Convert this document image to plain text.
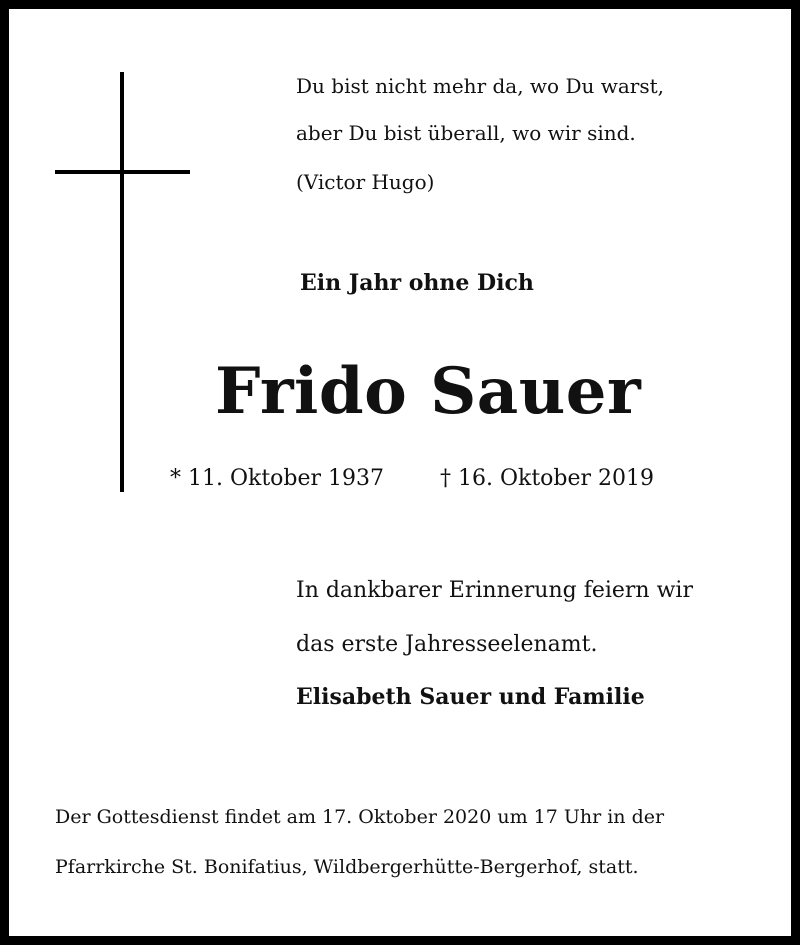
Du bist nicht mehr da, wo Du warst,

aber Du bist überall, wo wir sind.

(Victor Hugo)

Ein Jahr ohne Dich

Frido Sauer

* 11. Oktober 1937	† 16. Oktober 2019

In dankbarer Erinnerung feiern wir

das erste Jahresseelenamt.

Elisabeth Sauer und Familie

Der Gottesdienst findet am 17. Oktober 2020 um 17 Uhr in der

Pfarrkirche St. Bonifatius, Wildbergerhütte-Bergerhof, statt.
